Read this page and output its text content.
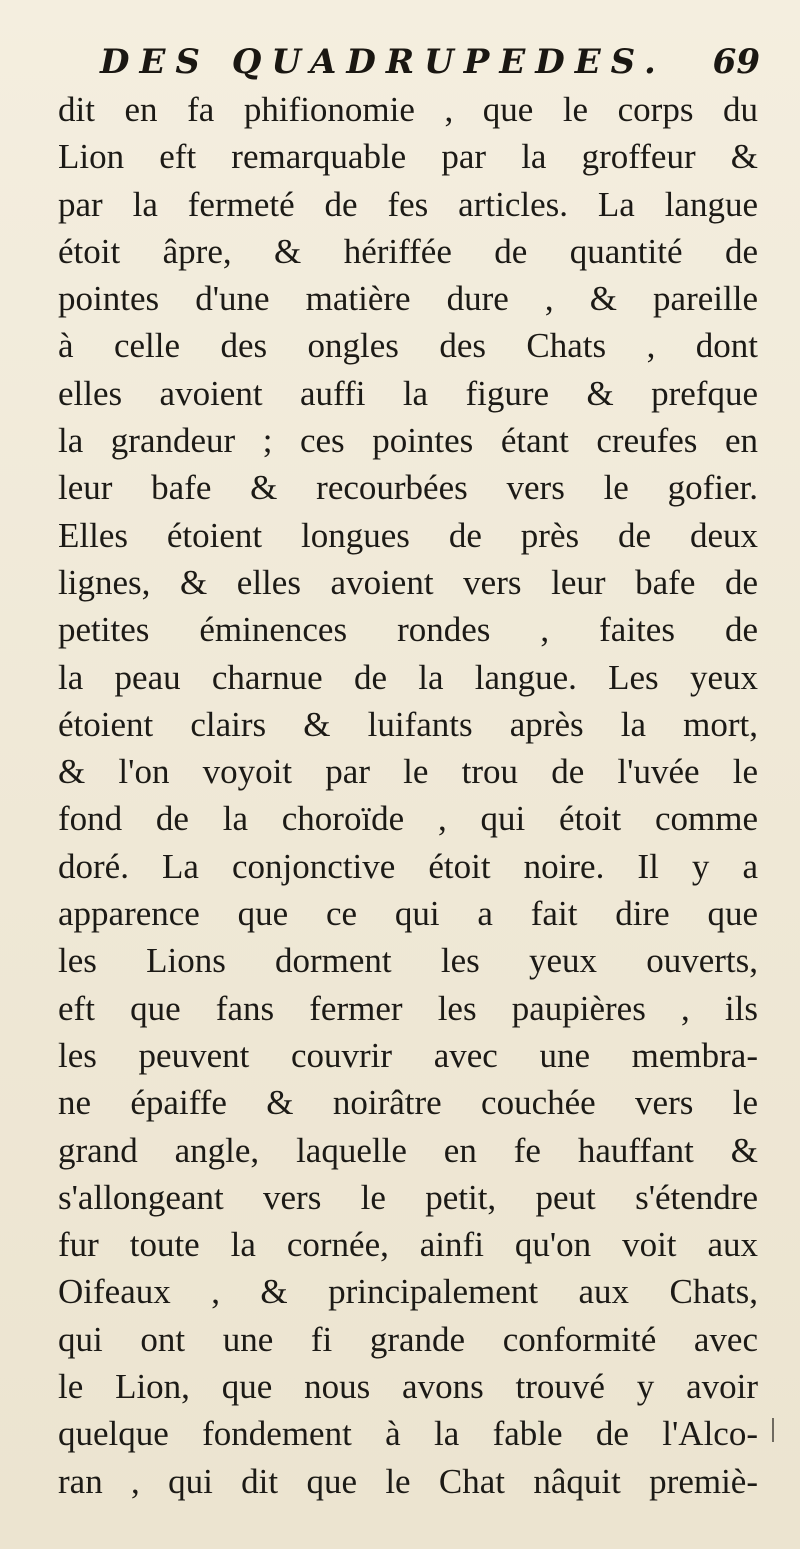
DES QUADRUPEDES. 69
dit en fa phifionomie , que le corps du
Lion eft remarquable par la groffeur &
par la fermeté de fes articles. La langue
étoit âpre, & hériffée de quantité de
pointes d'une matière dure , & pareille
à celle des ongles des Chats , dont
elles avoient auffi la figure & prefque
la grandeur ; ces pointes étant creufes en
leur bafe & recourbées vers le gofier.
Elles étoient longues de près de deux
lignes, & elles avoient vers leur bafe de
petites éminences rondes , faites de
la peau charnue de la langue. Les yeux
étoient clairs & luifants après la mort,
& l'on voyoit par le trou de l'uvée le
fond de la choroïde , qui étoit comme
doré. La conjonctive étoit noire. Il y a
apparence que ce qui a fait dire que
les Lions dorment les yeux ouverts,
eft que fans fermer les paupières , ils
les peuvent couvrir avec une membra-
ne épaiffe & noirâtre couchée vers le
grand angle, laquelle en fe hauffant &
s'allongeant vers le petit, peut s'étendre
fur toute la cornée, ainfi qu'on voit aux
Oifeaux , & principalement aux Chats,
qui ont une fi grande conformité avec
le Lion, que nous avons trouvé y avoir
quelque fondement à la fable de l'Alco-
ran , qui dit que le Chat nâquit premiè-
